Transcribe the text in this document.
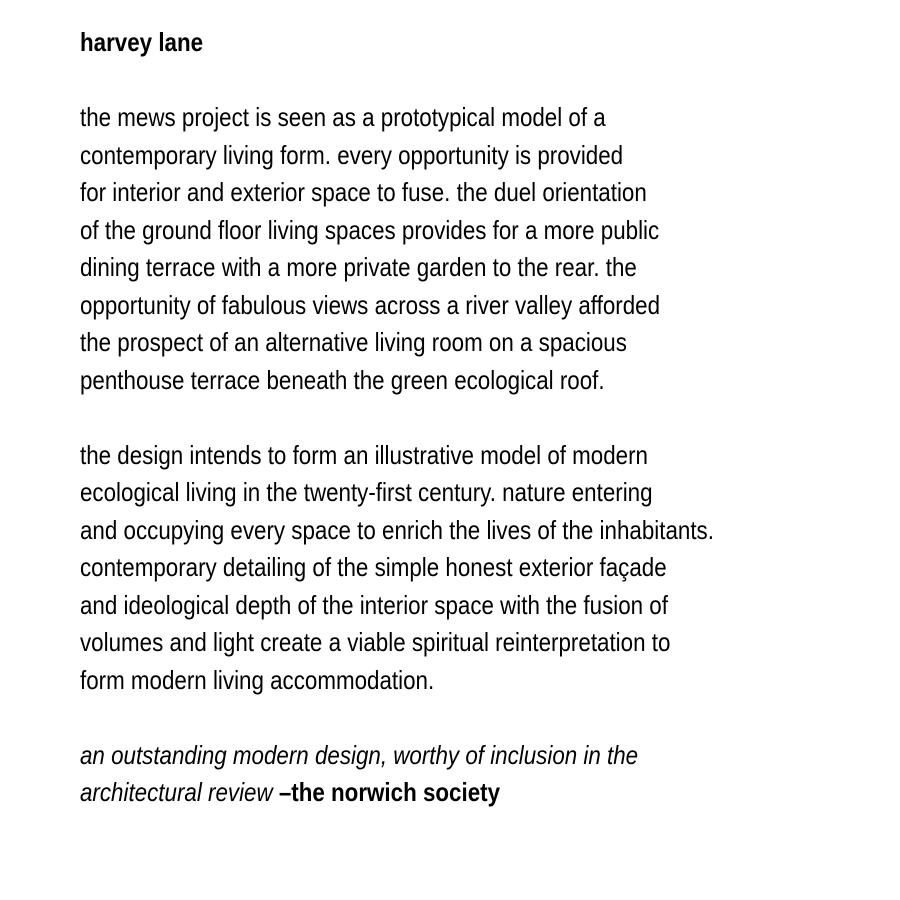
harvey lane
the mews project is seen as a prototypical model of a
contemporary living form. every opportunity is provided
for interior and exterior space to fuse. the duel orientation
of the ground floor living spaces provides for a more public
dining terrace with a more private garden to the rear. the
opportunity of fabulous views across a river valley afforded
the prospect of an alternative living room on a spacious
penthouse terrace beneath the green ecological roof.
the design intends to form an illustrative model of modern
ecological living in the twenty-first century. nature entering
and occupying every space to enrich the lives of the inhabitants.
contemporary detailing of the simple honest exterior façade
and ideological depth of the interior space with the fusion of
volumes and light create a viable spiritual reinterpretation to
form modern living accommodation.
an outstanding modern design, worthy of inclusion in the
architectural review –the norwich society
